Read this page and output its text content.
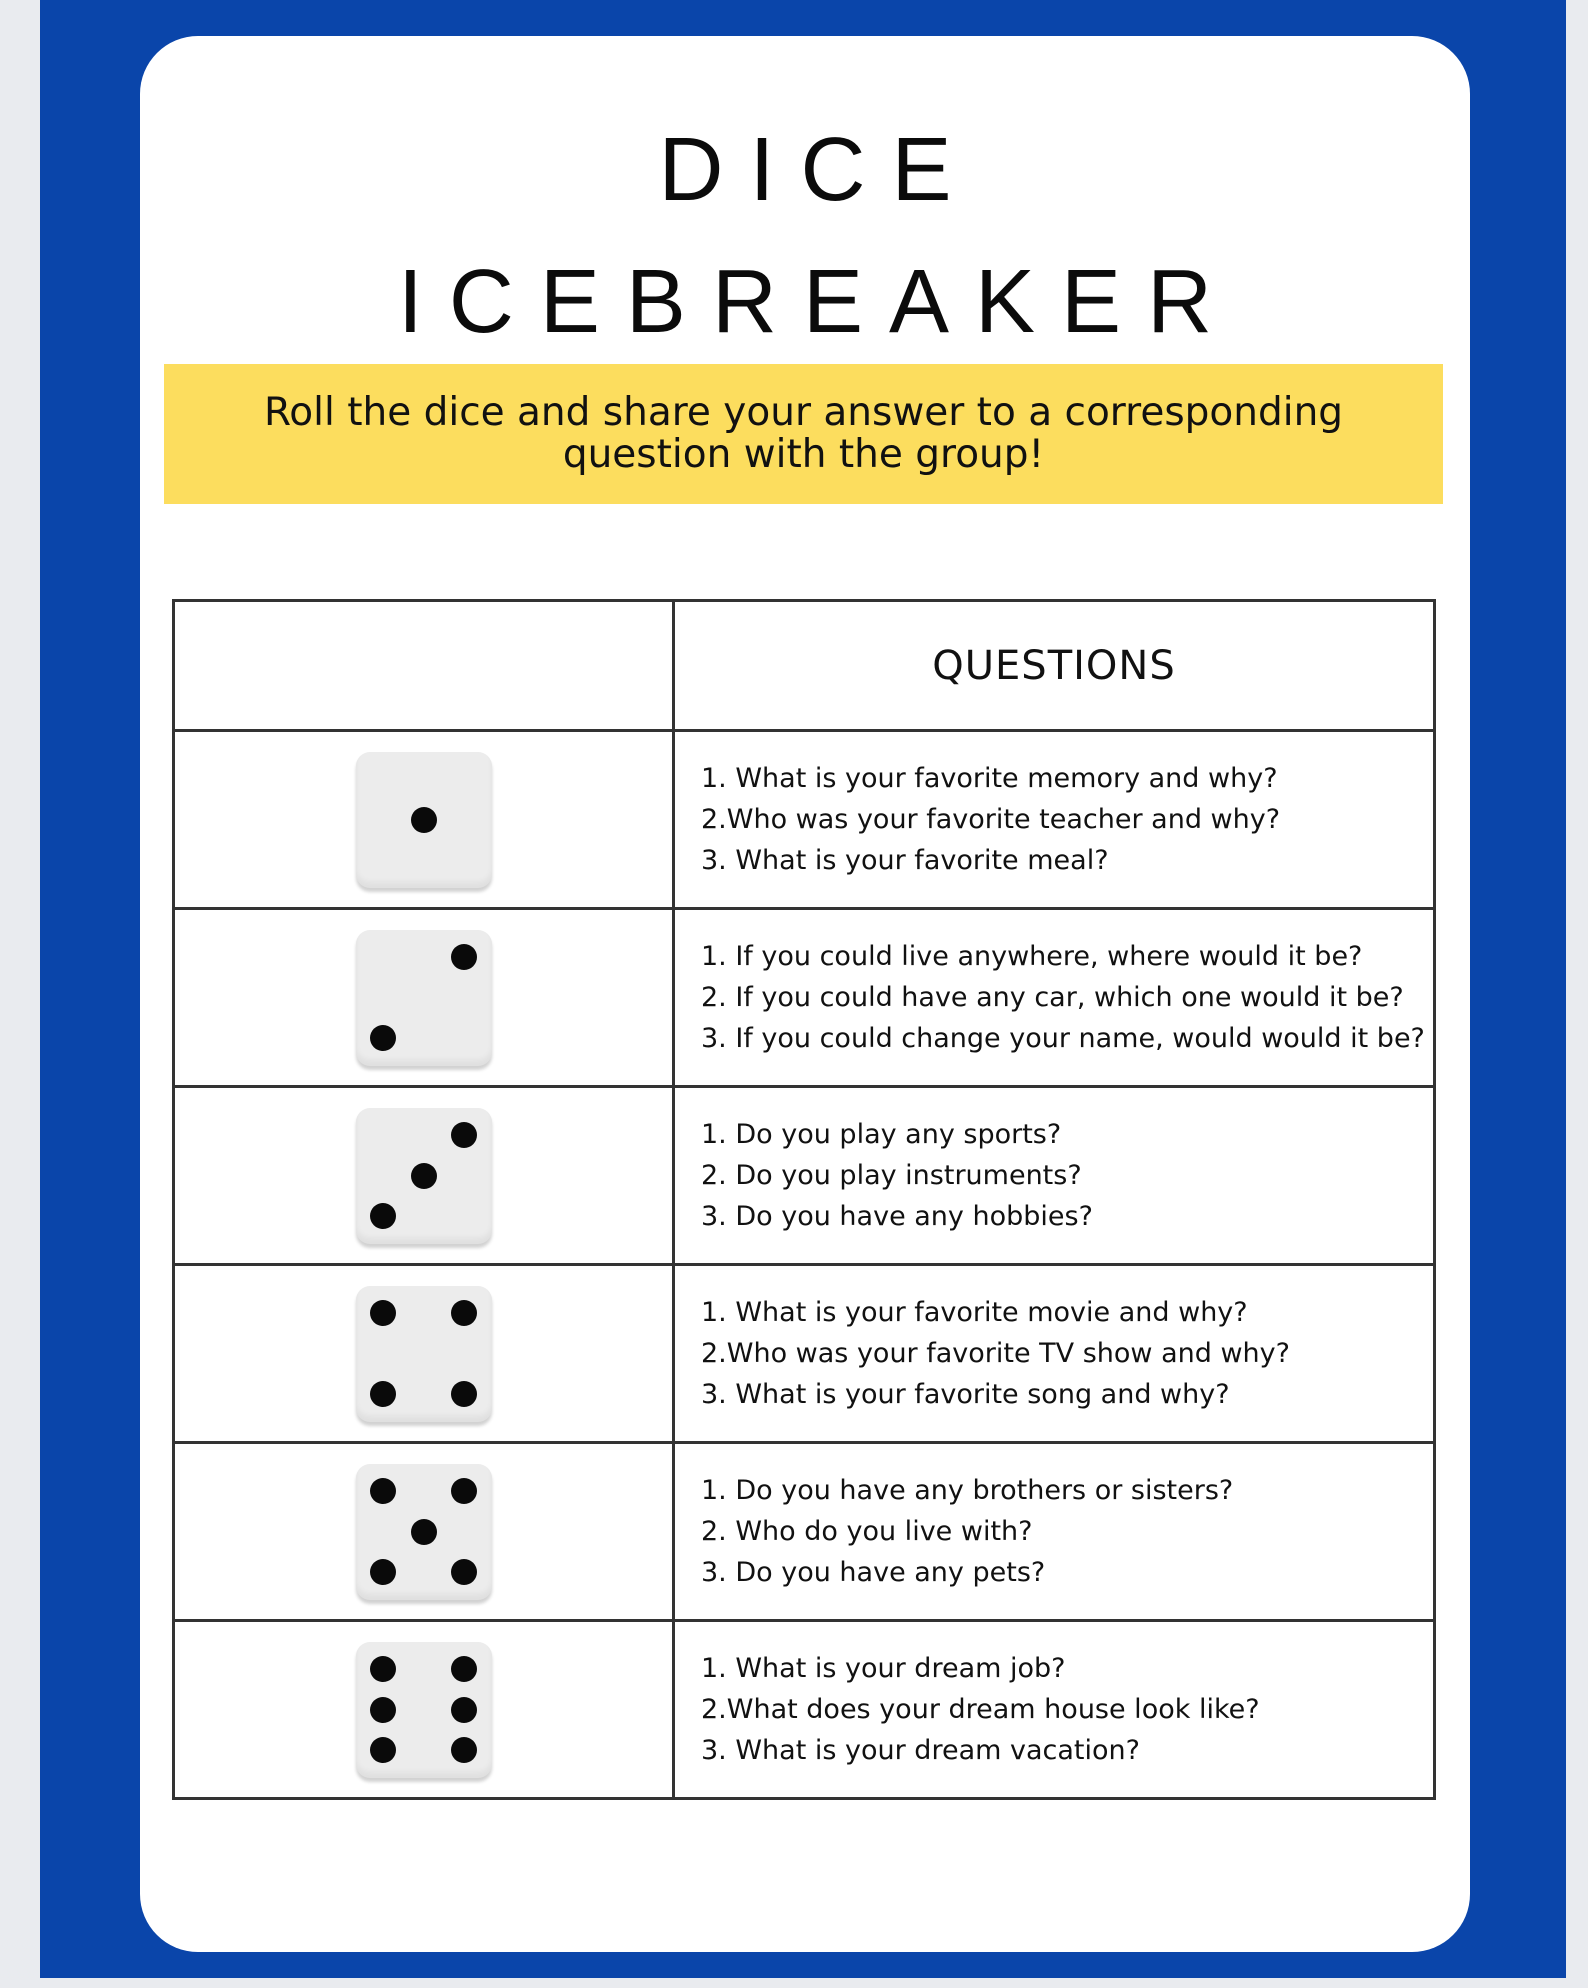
DICE
ICEBREAKER
Roll the dice and share your answer to a corresponding question with the group!
	QUESTIONS

	1. What is your favorite memory and why?
2.Who was your favorite teacher and why?
3. What is your favorite meal?

	1. If you could live anywhere, where would it be?
2. If you could have any car, which one would it be?
3. If you could change your name, would would it be?

	1. Do you play any sports?
2. Do you play instruments?
3. Do you have any hobbies?

	1. What is your favorite movie and why?
2.Who was your favorite TV show and why?
3. What is your favorite song and why?

	1. Do you have any brothers or sisters?
2. Who do you live with?
3. Do you have any pets?

	1. What is your dream job?
2.What does your dream house look like?
3. What is your dream vacation?
